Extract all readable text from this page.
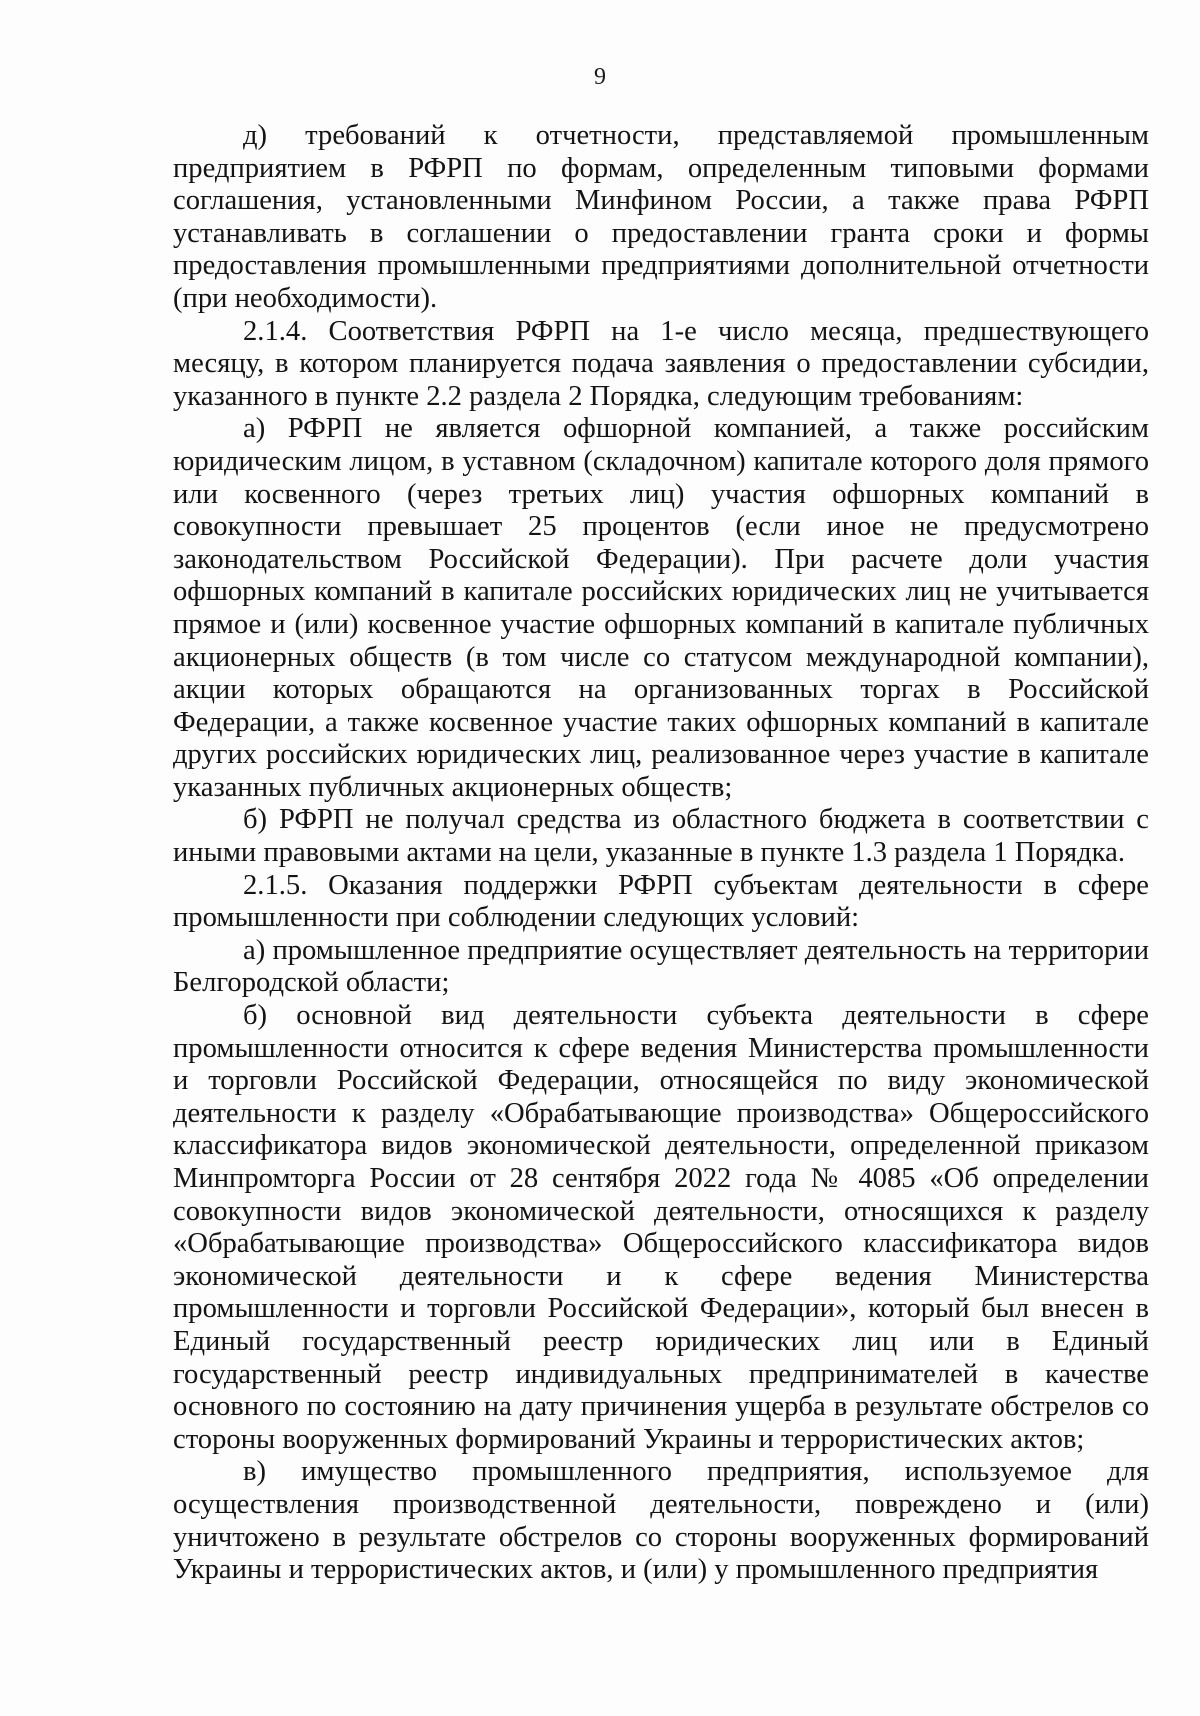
9

д) требований к отчетности, представляемой промышленным предприятием в РФРП по формам, определенным типовыми формами соглашения, установленными Минфином России, а также права РФРП устанавливать в соглашении о предоставлении гранта сроки и формы предоставления промышленными предприятиями дополнительной отчетности (при необходимости).

2.1.4. Соответствия РФРП на 1-е число месяца, предшествующего месяцу, в котором планируется подача заявления о предоставлении субсидии, указанного в пункте 2.2 раздела 2 Порядка, следующим требованиям:

а) РФРП не является офшорной компанией, а также российским юридическим лицом, в уставном (складочном) капитале которого доля прямого или косвенного (через третьих лиц) участия офшорных компаний в совокупности превышает 25 процентов (если иное не предусмотрено законодательством Российской Федерации). При расчете доли участия офшорных компаний в капитале российских юридических лиц не учитывается прямое и (или) косвенное участие офшорных компаний в капитале публичных акционерных обществ (в том числе со статусом международной компании), акции которых обращаются на организованных торгах в Российской Федерации, а также косвенное участие таких офшорных компаний в капитале других российских юридических лиц, реализованное через участие в капитале указанных публичных акционерных обществ;

б) РФРП не получал средства из областного бюджета в соответствии с иными правовыми актами на цели, указанные в пункте 1.3 раздела 1 Порядка.

2.1.5. Оказания поддержки РФРП субъектам деятельности в сфере промышленности при соблюдении следующих условий:

а) промышленное предприятие осуществляет деятельность на территории Белгородской области;

б) основной вид деятельности субъекта деятельности в сфере промышленности относится к сфере ведения Министерства промышленности и торговли Российской Федерации, относящейся по виду экономической деятельности к разделу «Обрабатывающие производства» Общероссийского классификатора видов экономической деятельности, определенной приказом Минпромторга России от 28 сентября 2022 года № 4085 «Об определении совокупности видов экономической деятельности, относящихся к разделу «Обрабатывающие производства» Общероссийского классификатора видов экономической деятельности и к сфере ведения Министерства промышленности и торговли Российской Федерации», который был внесен в Единый государственный реестр юридических лиц или в Единый государственный реестр индивидуальных предпринимателей в качестве основного по состоянию на дату причинения ущерба в результате обстрелов со стороны вооруженных формирований Украины и террористических актов;

в) имущество промышленного предприятия, используемое для осуществления производственной деятельности, повреждено и (или) уничтожено в результате обстрелов со стороны вооруженных формирований Украины и террористических актов, и (или) у промышленного предприятия
